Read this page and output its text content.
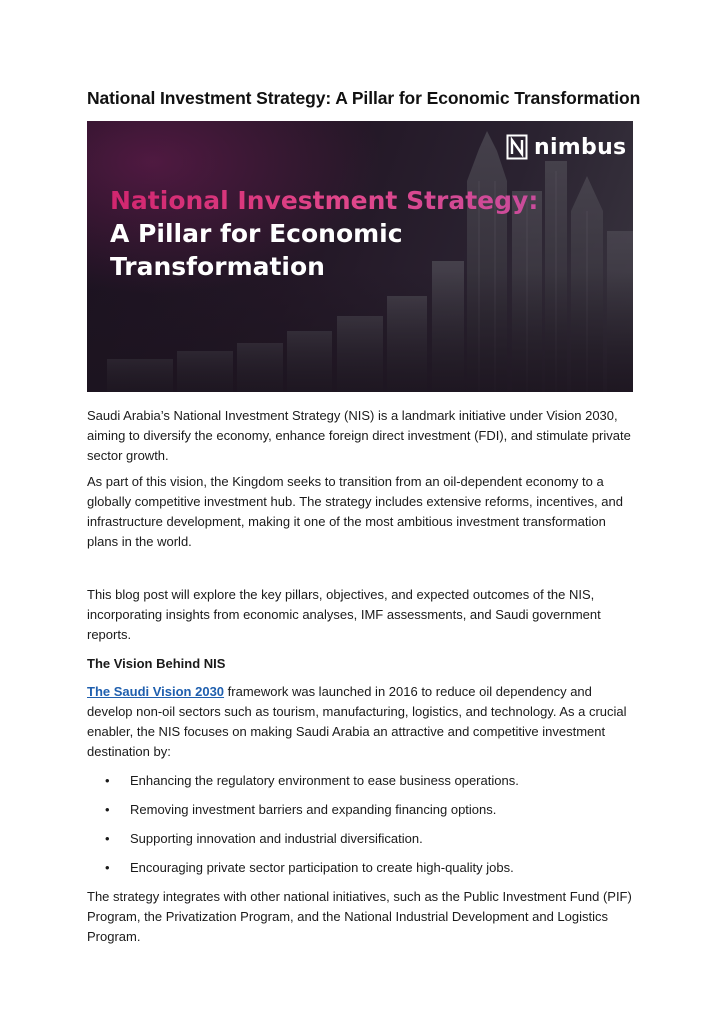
National Investment Strategy: A Pillar for Economic Transformation
nimbus
National Investment Strategy:
A Pillar for Economic
Transformation

Saudi Arabia’s National Investment Strategy (NIS) is a landmark initiative under Vision 2030, aiming to diversify the economy, enhance foreign direct investment (FDI), and stimulate private sector growth.

As part of this vision, the Kingdom seeks to transition from an oil-dependent economy to a globally competitive investment hub. The strategy includes extensive reforms, incentives, and infrastructure development, making it one of the most ambitious investment transformation plans in the world.

This blog post will explore the key pillars, objectives, and expected outcomes of the NIS, incorporating insights from economic analyses, IMF assessments, and Saudi government reports.

The Vision Behind NIS

The Saudi Vision 2030 framework was launched in 2016 to reduce oil dependency and develop non-oil sectors such as tourism, manufacturing, logistics, and technology. As a crucial enabler, the NIS focuses on making Saudi Arabia an attractive and competitive investment destination by:

• Enhancing the regulatory environment to ease business operations.
• Removing investment barriers and expanding financing options.
• Supporting innovation and industrial diversification.
• Encouraging private sector participation to create high-quality jobs.

The strategy integrates with other national initiatives, such as the Public Investment Fund (PIF) Program, the Privatization Program, and the National Industrial Development and Logistics Program.
